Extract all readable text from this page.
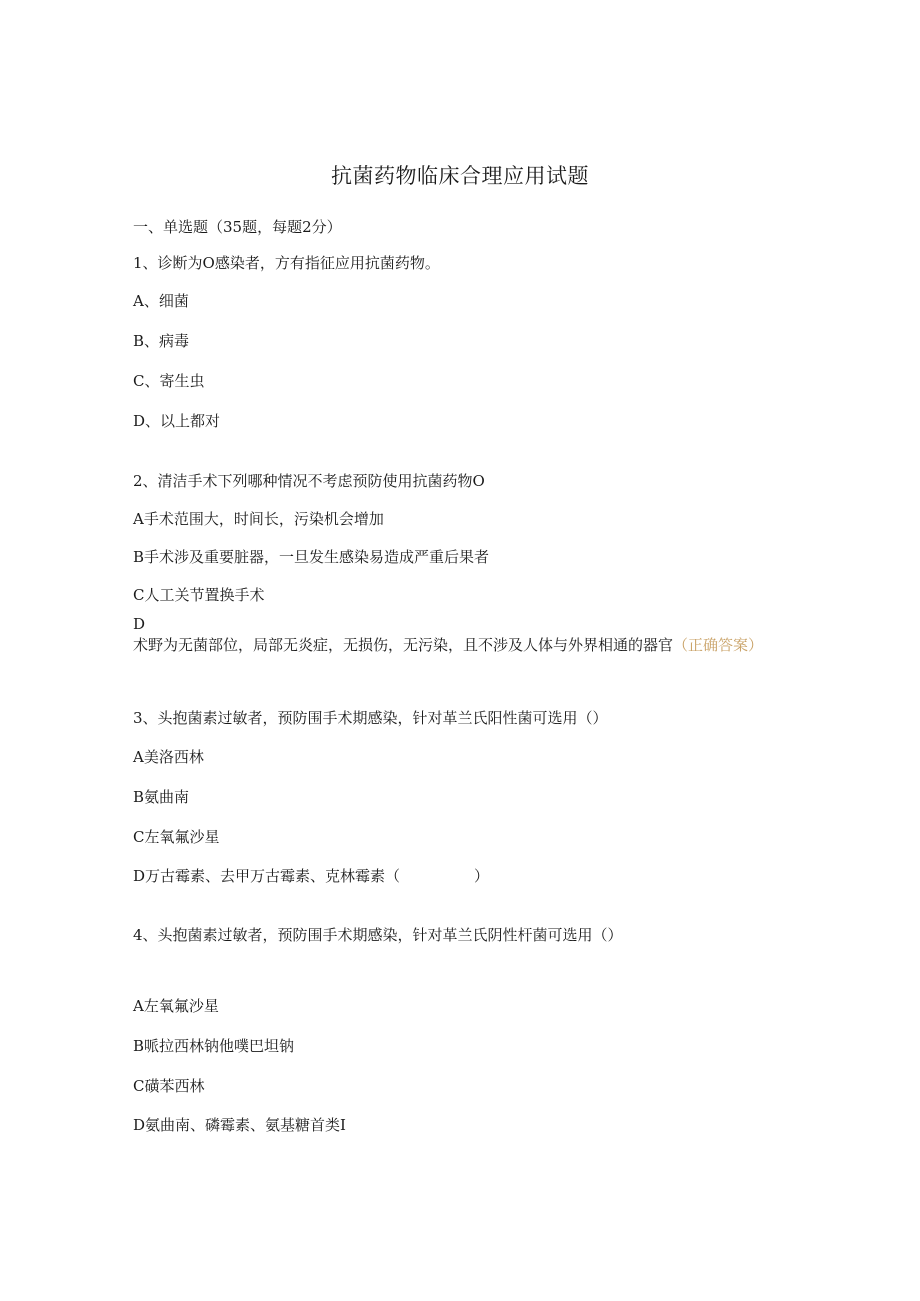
抗菌药物临床合理应用试题
一、单选题（35题，每题2分）
1、诊断为O感染者，方有指征应用抗菌药物。
A、细菌
B、病毒
C、寄生虫
D、以上都对
2、清洁手术下列哪种情况不考虑预防使用抗菌药物O
A手术范围大，时间长，污染机会增加
B手术涉及重要脏器，一旦发生感染易造成严重后果者
C人工关节置换手术
D
术野为无菌部位，局部无炎症，无损伤，无污染，且不涉及人体与外界相通的器官（正确答案）
3、头抱菌素过敏者，预防围手术期感染，针对革兰氏阳性菌可选用（）
A美洛西林
B氨曲南
C左氧氟沙星
D万古霉素、去甲万古霉素、克林霉素（	）
4、头抱菌素过敏者，预防围手术期感染，针对革兰氏阴性杆菌可选用（）
A左氧氟沙星
B哌拉西林钠他噗巴坦钠
C磺苯西林
D氨曲南、磷霉素、氨基糖首类I
